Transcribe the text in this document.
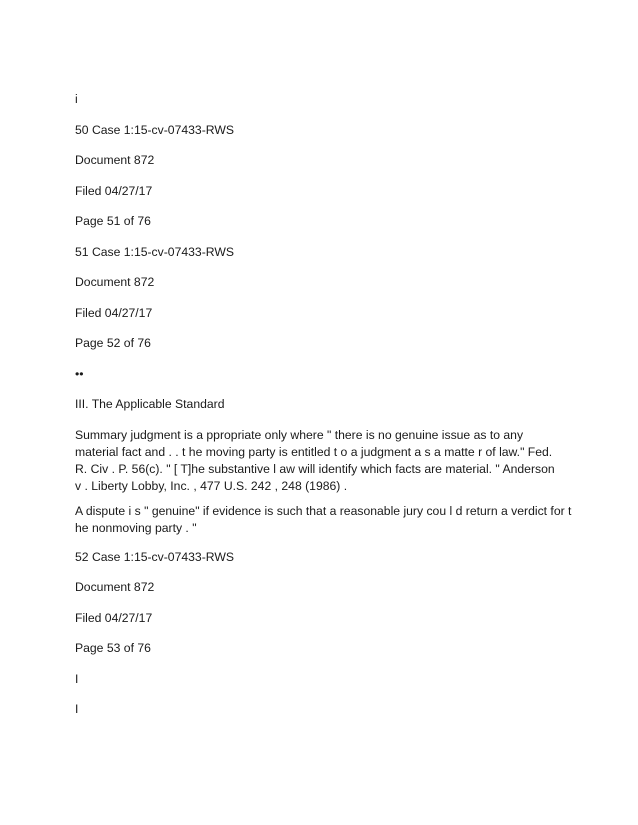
i

50 Case 1:15-cv-07433-RWS

Document 872

Filed 04/27/17

Page 51 of 76

51 Case 1:15-cv-07433-RWS

Document 872

Filed 04/27/17

Page 52 of 76

••

III. The Applicable Standard

Summary judgment is a ppropriate only where " there is no genuine issue as to any material fact and . . t he moving party is entitled t o a judgment a s a matte r of law." Fed. R. Civ . P. 56(c). " [ T]he substantive l aw will identify which facts are material. " Anderson v . Liberty Lobby, Inc. , 477 U.S. 242 , 248 (1986) .

A dispute i s " genuine" if evidence is such that a reasonable jury cou l d return a verdict for t he nonmoving party . "

52 Case 1:15-cv-07433-RWS

Document 872

Filed 04/27/17

Page 53 of 76

I

I
